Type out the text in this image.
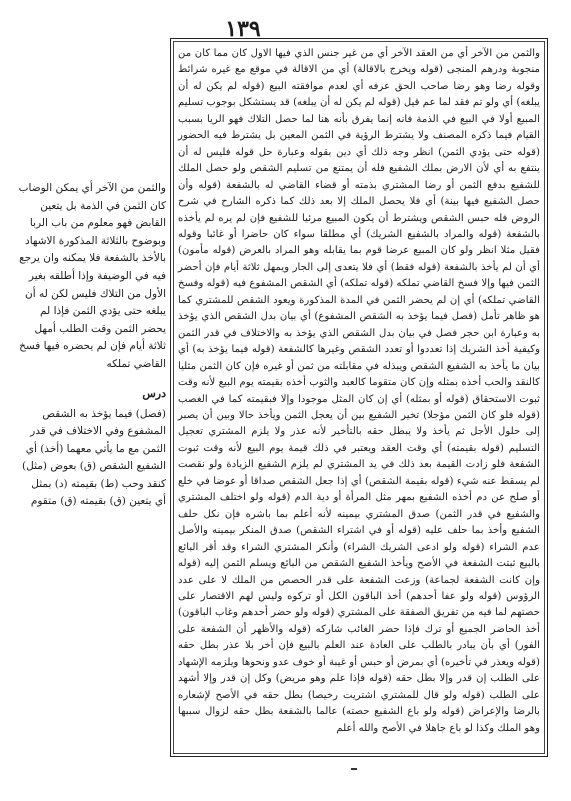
١٣٩

والثمن من الآخر أي من العقد الآخر أي من غير جنس الذي فيها الاول كان مما كان من منجوبة ودرهم المنجى (قوله ويخرج بالاقالة) أي من الاقالة في موقع مع غيره شرائط وقوله رضا وهو رضا صاحب الحق عرفه أي لعدم موافقته البيع (قوله لم يكن له أن يبلغه) أي ولو تم فقد لما عم قيل (قوله لم يكن له أن يبلغه) قد يستشكل بوجوب تسليم المبيع أولا في البيع في الذمة فانه إنما يفرق بأنه هنا لما حصل التلاك فهو الريا بسبب القيام فيما ذكره المصنف ولا يشترط الرؤية في الثمن المعين بل يشترط فيه الحضور (قوله حتى يؤدي الثمن) انظر وجه ذلك أي دين بقوله وعبارة حل قوله فليس له أن ينتفع به أي لأن الارض بملك الشفيع فله أن يمتنع من تسليم الشقص ولو حصل الملك للشفيع بدفع الثمن أو رضا المشتري بذمته أو قضاء القاضي له بالشفعة (قوله وأن حصل الشفيع فيها بينة) أي فلا يحصل الملك إلا بعد ذلك كما ذكره الشارح في شرح الروض فله حبس الشقص ويشترط أن يكون المبيع مرئيا للشفيع فإن لم يره لم يأخذه بالشفعة (قوله والمراد بالشفيع الشريك) أي مطلقا سواء كان حاضرا أو غائبا وقوله فقيل مثلا انظر ولو كان المبيع عرضا قوم بما يقابله وهو المراد بالعرض (قوله مأمون) أي أن لم يأخذ بالشفعة (قوله فقط) أي فلا يتعدى إلى الجار ويمهل ثلاثة أيام فإن أحضر الثمن فيها وإلا فسخ القاضي تملكه (قوله تملكه) أي الشقص المشفوع فيه (قوله وفسخ القاضي تملكه) أي إن لم يحضر الثمن في المدة المذكورة ويعود الشقص للمشتري كما هو ظاهر تأمل (فصل فيما يؤخذ به الشقص المشفوع) أي بيان بدل الشقص الذي يؤخذ به وعبارة ابن حجر فصل في بيان بدل الشقص الذي يؤخذ به والاختلاف في قدر الثمن وكيفية أخذ الشريك إذا تعددوا أو تعدد الشقص وغيرها كالشفعة (قوله فيما يؤخذ به) أي بيان ما يأخذ به الشفيع الشقص ويبذله في مقابلته من ثمن أو غيره فإن كان الثمن مثليا كالنقد والحب أخذه بمثله وإن كان متقوما كالعبد والثوب أخذه بقيمته يوم البيع لأنه وقت ثبوت الاستحقاق (قوله أو بمثله) أي إن كان المثل موجودا وإلا فبقيمته كما في الغصب (قوله فلو كان الثمن مؤجلا) تخير الشفيع بين أن يعجل الثمن ويأخذ حالا وبين أن يصبر إلى حلول الأجل ثم يأخذ ولا يبطل حقه بالتأخير لأنه عذر ولا يلزم المشتري تعجيل التسليم (قوله بقيمته) أي وقت العقد ويعتبر في ذلك قيمة يوم البيع لأنه وقت ثبوت الشفعة فلو زادت القيمة بعد ذلك في يد المشتري لم يلزم الشفيع الزيادة ولو نقصت لم يسقط عنه شيء (قوله بقيمة الشقص) أي إذا جعل الشقص صداقا أو عوضا في خلع أو صلح عن دم أخذه الشفيع بمهر مثل المرأة أو دية الدم (قوله ولو اختلف المشتري والشفيع في قدر الثمن) صدق المشتري بيمينه لأنه أعلم بما باشره فإن نكل حلف الشفيع وأخذ بما حلف عليه (قوله أو في اشتراء الشقص) صدق المنكر بيمينه والأصل عدم الشراء (قوله ولو ادعى الشريك الشراء) وأنكر المشتري الشراء وقد أقر البائع بالبيع ثبتت الشفعة في الأصح ويأخذ الشفيع الشقص من البائع ويسلم الثمن إليه (قوله وإن كانت الشفعة لجماعة) وزعت الشفعة على قدر الحصص من الملك لا على عدد الرؤوس (قوله ولو عفا أحدهم) أخذ الباقون الكل أو تركوه وليس لهم الاقتصار على حصتهم لما فيه من تفريق الصفقة على المشتري (قوله ولو حضر أحدهم وغاب الباقون) أخذ الحاضر الجميع أو ترك فإذا حضر الغائب شاركه (قوله والأظهر أن الشفعة على الفور) أي بأن يبادر بالطلب على العادة عند العلم بالبيع فإن أخر بلا عذر بطل حقه (قوله ويعذر في تأخيره) أي بمرض أو حبس أو غيبة أو خوف عدو ونحوها ويلزمه الإشهاد على الطلب إن قدر وإلا بطل حقه (قوله فإذا علم وهو مريض) وكل إن قدر وإلا أشهد على الطلب (قوله ولو قال للمشتري اشتريت رخيصا) بطل حقه في الأصح لإشعاره بالرضا والإعراض (قوله ولو باع الشفيع حصته) عالما بالشفعة بطل حقه لزوال سببها وهو الملك وكذا لو باع جاهلا في الأصح والله أعلم

والثمن من الآخر أي يمكن الوضاب كان الثمن في الذمة بل يتعين القابض فهو معلوم من باب الربا وبوضوح بالثلاثة المذكورة الاشهاد بالأخذ بالشفعة فلا يمكنه وان يرجع فيه في الوضيفة وإذا أطلقه بغير الأول من التلاك فليس لكن له أن يبلغه حتى يؤدي الثمن فإذا لم يحضر الثمن وقت الطلب أمهل ثلاثة أيام فإن لم يحضره فيها فسخ القاضي تملكه

درس

(فصل) فيما يؤخذ به الشقص المشفوع وفي الاختلاف في قدر الثمن مع ما يأتي معهما (أخذ) أي الشفيع الشقص (ق) بعوض (مثل) كنقد وحب (ط) بقيمته (د) بمثل أي يتعين (ق) بقيمته (ق) متقوم
